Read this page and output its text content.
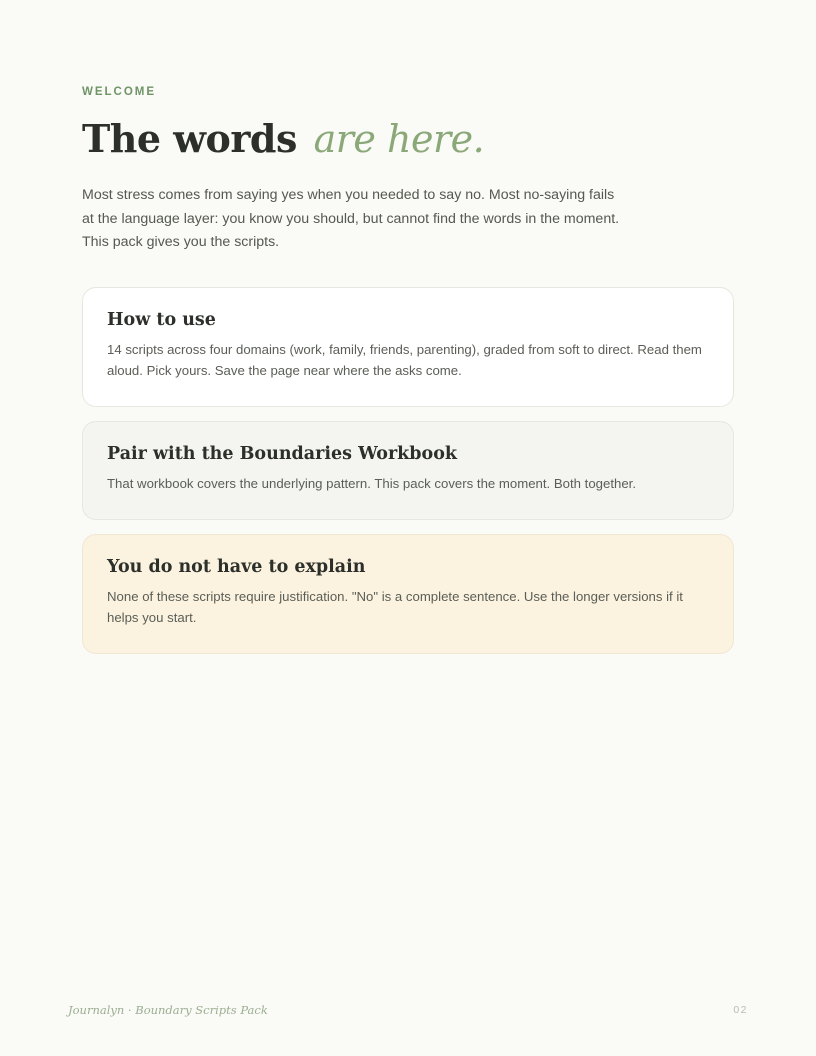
WELCOME
The words are here.

Most stress comes from saying yes when you needed to say no. Most no-saying fails at the language layer: you know you should, but cannot find the words in the moment. This pack gives you the scripts.

How to use

14 scripts across four domains (work, family, friends, parenting), graded from soft to direct. Read them aloud. Pick yours. Save the page near where the asks come.

Pair with the Boundaries Workbook

That workbook covers the underlying pattern. This pack covers the moment. Both together.

You do not have to explain

None of these scripts require justification. "No" is a complete sentence. Use the longer versions if it helps you start.

Journalyn · Boundary Scripts Pack	02
